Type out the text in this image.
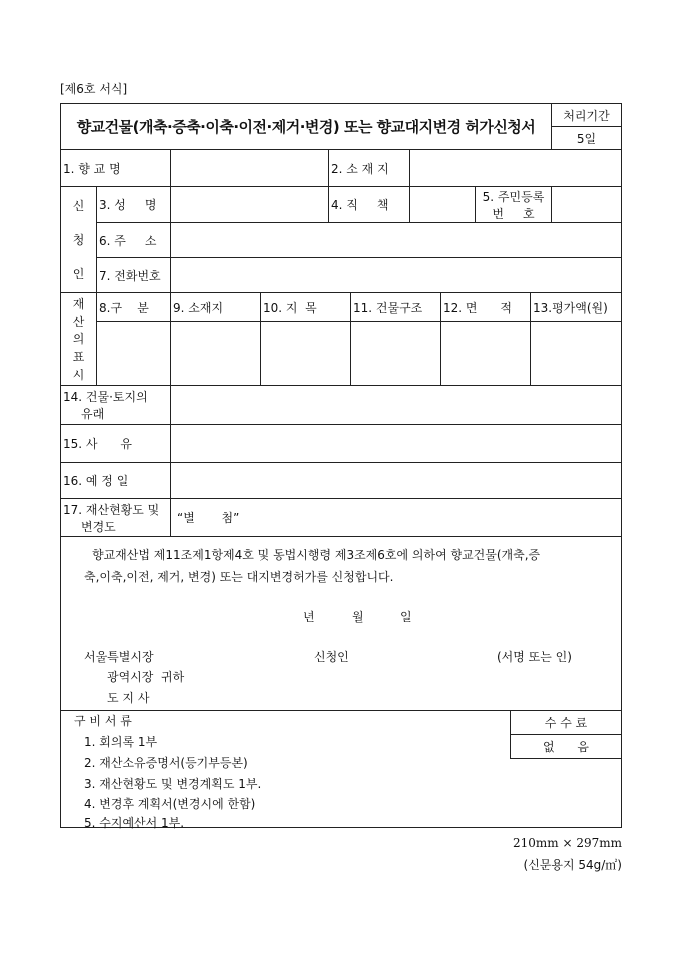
[제6호 서식]
향교건물(개축·증축·이축·이전·제거·변경) 또는 향교대지변경 허가신청서
처리기간
5일
1. 향 교 명	2. 소 재 지
신
청
인
3. 성     명	4. 직     책
5. 주민등록
번     호
6. 주     소
7. 전화번호
재
산
의
표
시
8.구    분	9. 소재지	10. 지  목	11. 건물구조	12. 면      적	13.평가액(원)
14. 건물·토지의
유래
15. 사      유
16. 예 정 일
17. 재산현황도 및
변경도
“별       첨”
향교재산법 제11조제1항제4호 및 동법시행령 제3조제6호에 의하여 향교건물(개축,증
축,이축,이전, 제거, 변경) 또는 대지변경허가를 신청합니다.
년	월	일
서울특별시장
광역시장  귀하
도 지 사
신청인	(서명 또는 인)
구 비 서 류
1. 회의록 1부
2. 재산소유증명서(등기부등본)
3. 재산현황도 및 변경계획도 1부.
4. 변경후 계획서(변경시에 한함)
5. 수지예산서 1부.
수 수 료
없      음
210mm × 297mm
(신문용지 54g/㎡)
